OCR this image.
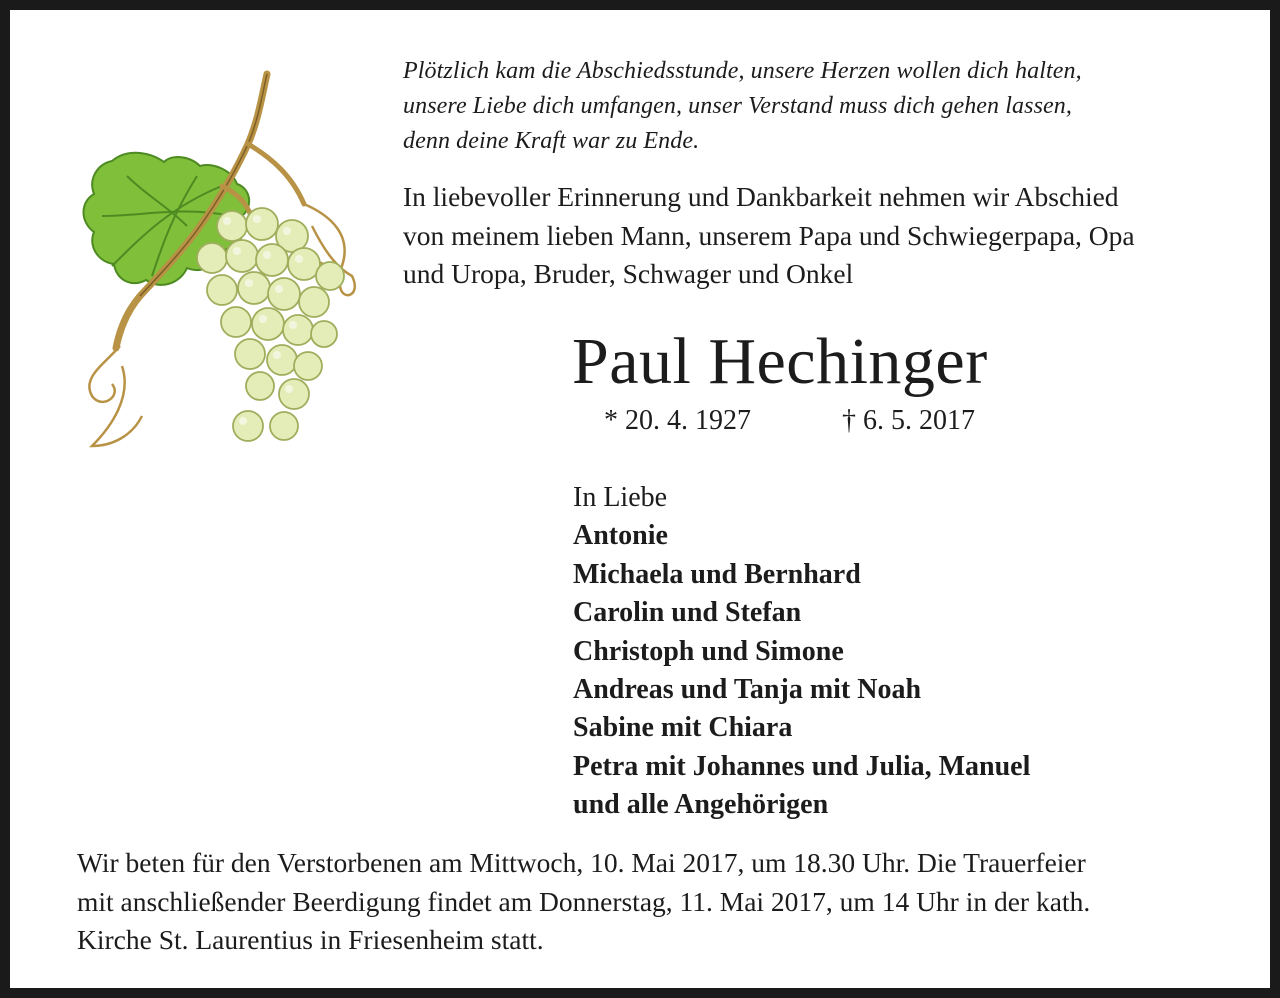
Plötzlich kam die Abschiedsstunde, unsere Herzen wollen dich halten,
unsere Liebe dich umfangen, unser Verstand muss dich gehen lassen,
denn deine Kraft war zu Ende.
In liebevoller Erinnerung und Dankbarkeit nehmen wir Abschied
von meinem lieben Mann, unserem Papa und Schwiegerpapa, Opa
und Uropa, Bruder, Schwager und Onkel
Paul Hechinger
* 20. 4. 1927	† 6. 5. 2017
In Liebe
Antonie
Michaela und Bernhard
Carolin und Stefan
Christoph und Simone
Andreas und Tanja mit Noah
Sabine mit Chiara
Petra mit Johannes und Julia, Manuel
und alle Angehörigen
Wir beten für den Verstorbenen am Mittwoch, 10. Mai 2017, um 18.30 Uhr. Die Trauerfeier
mit anschließender Beerdigung findet am Donnerstag, 11. Mai 2017, um 14 Uhr in der kath.
Kirche St. Laurentius in Friesenheim statt.
